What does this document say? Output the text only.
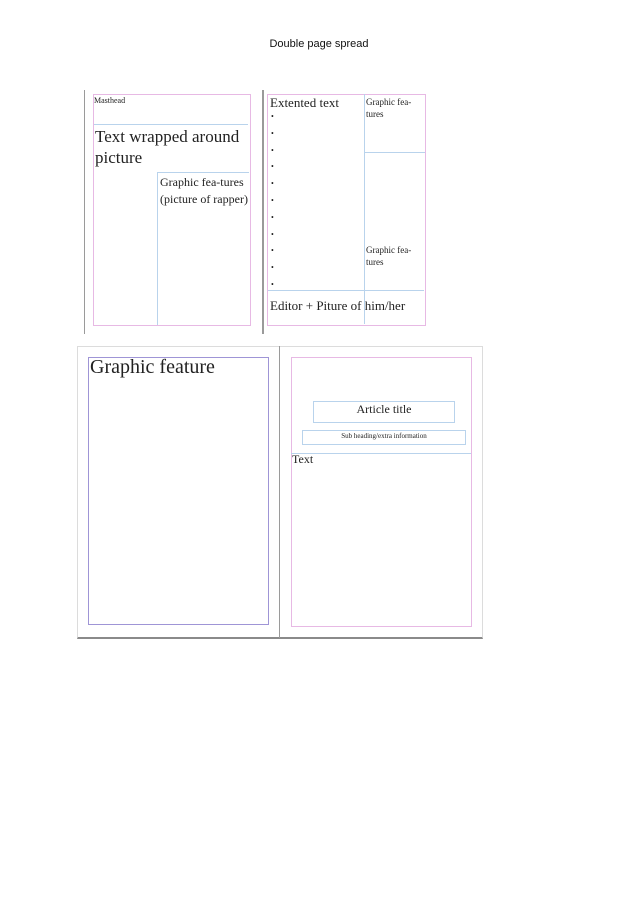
Double page spread
Masthead
Text wrapped around picture
Graphic fea-tures (picture of rapper)
Extented text	Graphic fea-tures
Graphic fea-tures
Editor + Piture of him/her
•
•
•
•
•
•
•
•
•
•
•
Graphic feature
Article title
Sub heading/extra information
Text
